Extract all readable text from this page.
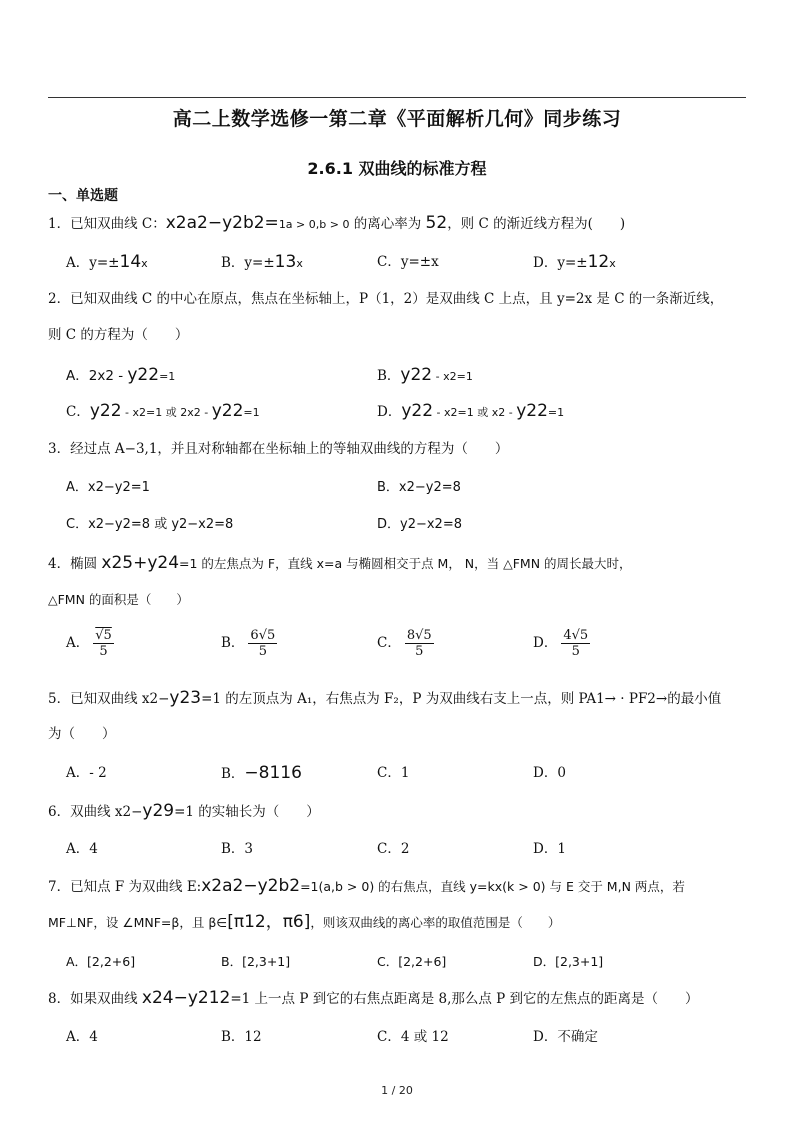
高二上数学选修一第二章《平面解析几何》同步练习
2.6.1 双曲线的标准方程
一、单选题
1．已知双曲线 C：x2a2−y2b2=1a > 0,b > 0 的离心率为 52，则 C 的渐近线方程为(　　)
A．y=±14x	B．y=±13x	C．y=±x	D．y=±12x
2．已知双曲线 C 的中心在原点，焦点在坐标轴上，P（1，2）是双曲线 C 上点，且 y=2x 是 C 的一条渐近线，
则 C 的方程为（　　）
A．2x2 - y22=1	B．y22 - x2=1
C．y22 - x2=1 或 2x2 - y22=1	D．y22 - x2=1 或 x2 - y22=1
3．经过点 A−3,1，并且对称轴都在坐标轴上的等轴双曲线的方程为（　　）
A．x2−y2=1	B．x2−y2=8
C．x2−y2=8 或 y2−x2=8	D．y2−x2=8
4．椭圆 x25+y24=1 的左焦点为 F，直线 x=a 与椭圆相交于点 M， N，当 △FMN 的周长最大时，
△FMN 的面积是（　　）
A． $\frac{√5}{5}$	B． $\frac{6√5}{5}$	C． $\frac{8√5}{5}$	D． $\frac{4√5}{5}$
5．已知双曲线 x2−y23=1 的左顶点为 A₁，右焦点为 F₂，P 为双曲线右支上一点，则 PA1→ · PF2→的最小值
为（　　）
A．- 2	B．−8116	C．1	D．0
6．双曲线 x2−y29=1 的实轴长为（　　）
A．4	B．3	C．2	D．1
7．已知点 F 为双曲线 E:x2a2−y2b2=1(a,b > 0) 的右焦点，直线 y=kx(k > 0) 与 E 交于 M,N 两点，若
MF⊥NF，设 ∠MNF=β，且 β∈[π12，π6]，则该双曲线的离心率的取值范围是（　　）
A．[2,2+6]	B．[2,3+1]	C．[2,2+6]	D．[2,3+1]
8．如果双曲线 x24−y212=1 上一点 P 到它的右焦点距离是 8,那么点 P 到它的左焦点的距离是（　　）
A．4	B．12	C．4 或 12	D．不确定
1 / 20
